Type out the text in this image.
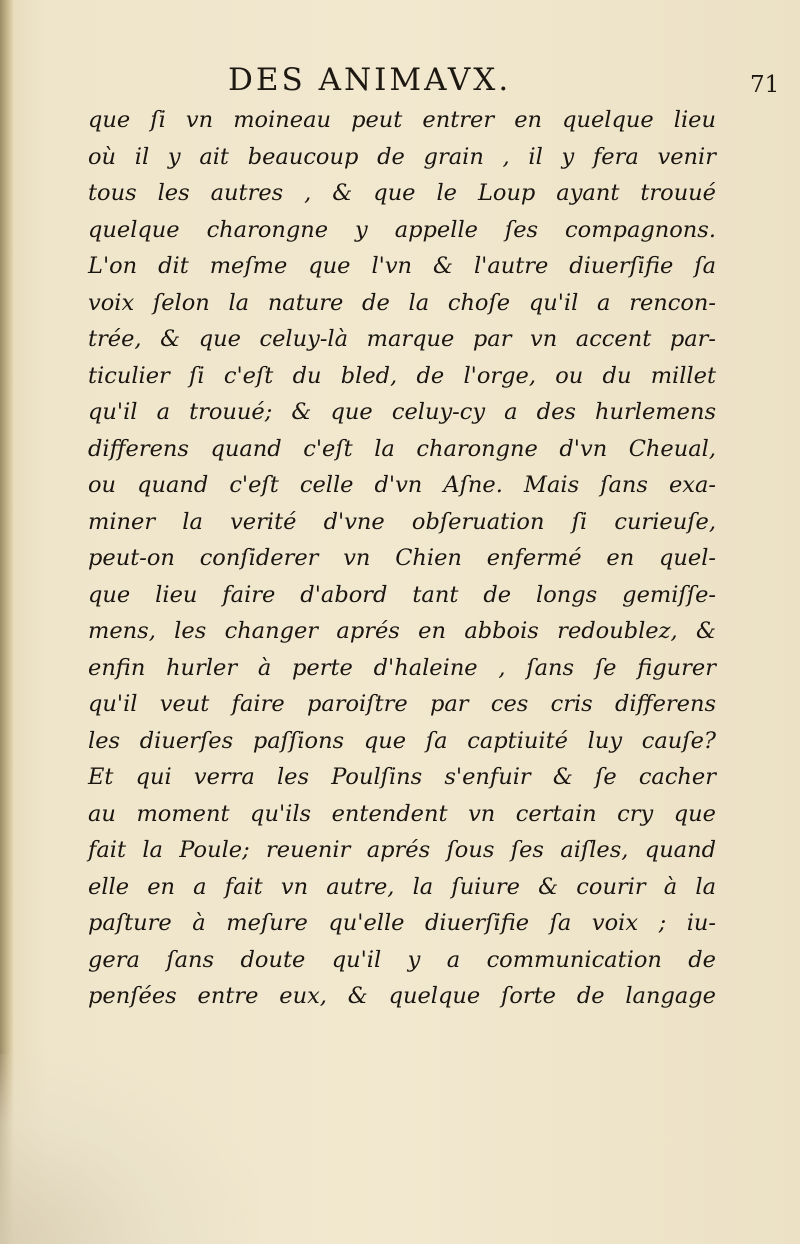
DES ANIMAVX.	71
que ſi vn moineau peut entrer en quelque lieu
où il y ait beaucoup de grain , il y fera venir
tous les autres , & que le Loup ayant trouué
quelque charongne y appelle ſes compagnons.
L'on dit meſme que l'vn & l'autre diuerſifie ſa
voix ſelon la nature de la choſe qu'il a rencon-
trée, & que celuy-là marque par vn accent par-
ticulier ſi c'eſt du bled, de l'orge, ou du millet
qu'il a trouué; & que celuy-cy a des hurlemens
differens quand c'eſt la charongne d'vn Cheual,
ou quand c'eſt celle d'vn Aſne. Mais ſans exa-
miner la verité d'vne obſeruation ſi curieuſe,
peut-on conſiderer vn Chien enfermé en quel-
que lieu faire d'abord tant de longs gemiſſe-
mens, les changer aprés en abbois redoublez, &
enfin hurler à perte d'haleine , ſans ſe figurer
qu'il veut faire paroiſtre par ces cris differens
les diuerſes paſſions que ſa captiuité luy cauſe?
Et qui verra les Poulſins s'enfuir & ſe cacher
au moment qu'ils entendent vn certain cry que
fait la Poule; reuenir aprés ſous ſes aiſles, quand
elle en a fait vn autre, la ſuiure & courir à la
paſture à meſure qu'elle diuerſifie ſa voix ; iu-
gera ſans doute qu'il y a communication de
penſées entre eux, & quelque ſorte de langage
